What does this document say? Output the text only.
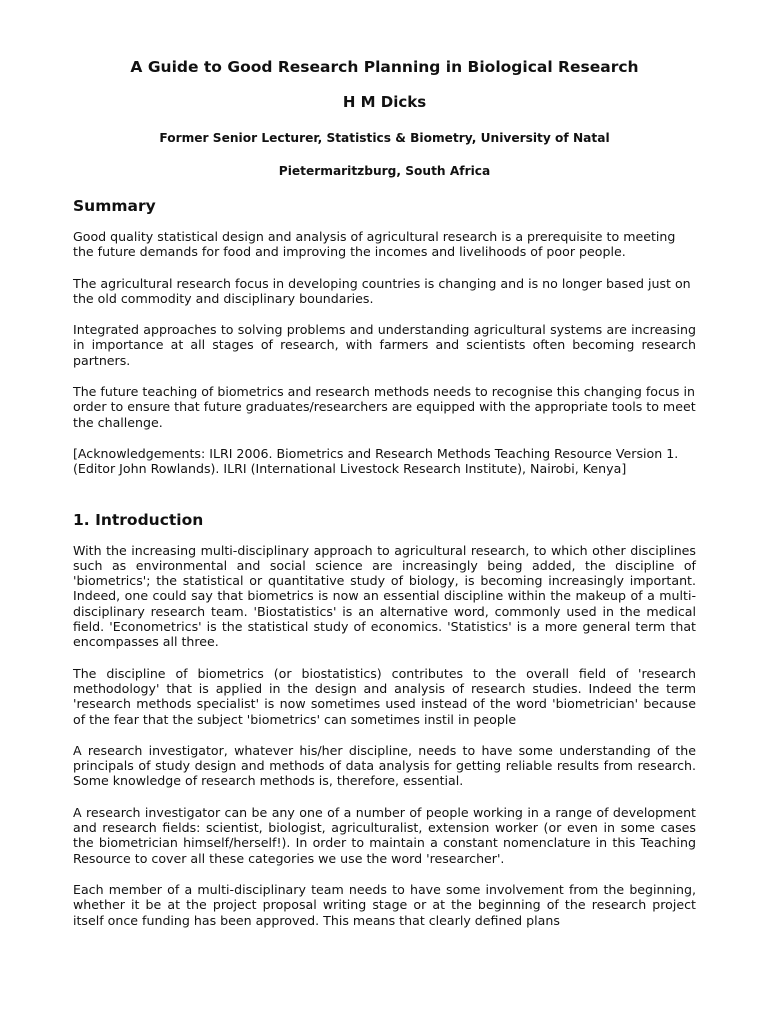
A Guide to Good Research Planning in Biological Research
H M Dicks
Former Senior Lecturer, Statistics & Biometry, University of Natal
Pietermaritzburg, South Africa
Summary

Good quality statistical design and analysis of agricultural research is a prerequisite to meeting the future demands for food and improving the incomes and livelihoods of poor people.

The agricultural research focus in developing countries is changing and is no longer based just on the old commodity and disciplinary boundaries.

Integrated approaches to solving problems and understanding agricultural systems are increasing in importance at all stages of research, with farmers and scientists often becoming research partners.

The future teaching of biometrics and research methods needs to recognise this changing focus in order to ensure that future graduates/researchers are equipped with the appropriate tools to meet the challenge.

[Acknowledgements: ILRI 2006. Biometrics and Research Methods Teaching Resource Version 1. (Editor John Rowlands). ILRI (International Livestock Research Institute), Nairobi, Kenya]

1. Introduction

With the increasing multi-disciplinary approach to agricultural research, to which other disciplines such as environmental and social science are increasingly being added, the discipline of 'biometrics'; the statistical or quantitative study of biology, is becoming increasingly important. Indeed, one could say that biometrics is now an essential discipline within the makeup of a multi-disciplinary research team. 'Biostatistics' is an alternative word, commonly used in the medical field. 'Econometrics' is the statistical study of economics. 'Statistics' is a more general term that encompasses all three.

The discipline of biometrics (or biostatistics) contributes to the overall field of 'research methodology' that is applied in the design and analysis of research studies. Indeed the term 'research methods specialist' is now sometimes used instead of the word 'biometrician' because of the fear that the subject 'biometrics' can sometimes instil in people

A research investigator, whatever his/her discipline, needs to have some understanding of the principals of study design and methods of data analysis for getting reliable results from research. Some knowledge of research methods is, therefore, essential.

A research investigator can be any one of a number of people working in a range of development and research fields: scientist, biologist, agriculturalist, extension worker (or even in some cases the biometrician himself/herself!). In order to maintain a constant nomenclature in this Teaching Resource to cover all these categories we use the word 'researcher'.

Each member of a multi-disciplinary team needs to have some involvement from the beginning, whether it be at the project proposal writing stage or at the beginning of the research project itself once funding has been approved. This means that clearly defined plans
